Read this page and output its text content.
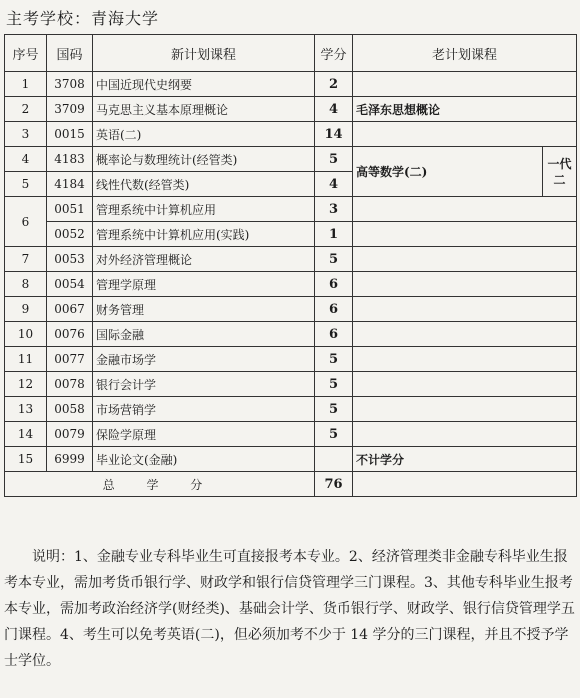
主考学校：青海大学
序号	国码	新计划课程	学分	老计划课程	
1	3708	中国近现代史纲要	2		
2	3709	马克思主义基本原理概论	4	毛泽东思想概论	
3	0015	英语(二)	14		
4	4183	概率论与数理统计(经管类)	5	高等数学(二)	一代二
5	4184	线性代数(经管类)	4		
6	0051	管理系统中计算机应用	3		
	0052	管理系统中计算机应用(实践)	1		
7	0053	对外经济管理概论	5		
8	0054	管理学原理	6		
9	0067	财务管理	6		
10	0076	国际金融	6		
11	0077	金融市场学	5		
12	0078	银行会计学	5		
13	0058	市场营销学	5		
14	0079	保险学原理	5		
15	6999	毕业论文(金融)		不计学分	
总 学 分			76		

说明：1、金融专业专科毕业生可直接报考本专业。2、经济管理类非金融专科毕业生报考本专业，需加考货币银行学、财政学和银行信贷管理学三门课程。3、其他专科毕业生报考本专业，需加考政治经济学(财经类)、基础会计学、货币银行学、财政学、银行信贷管理学五门课程。4、考生可以免考英语(二)，但必须加考不少于 14 学分的三门课程，并且不授予学士学位。
